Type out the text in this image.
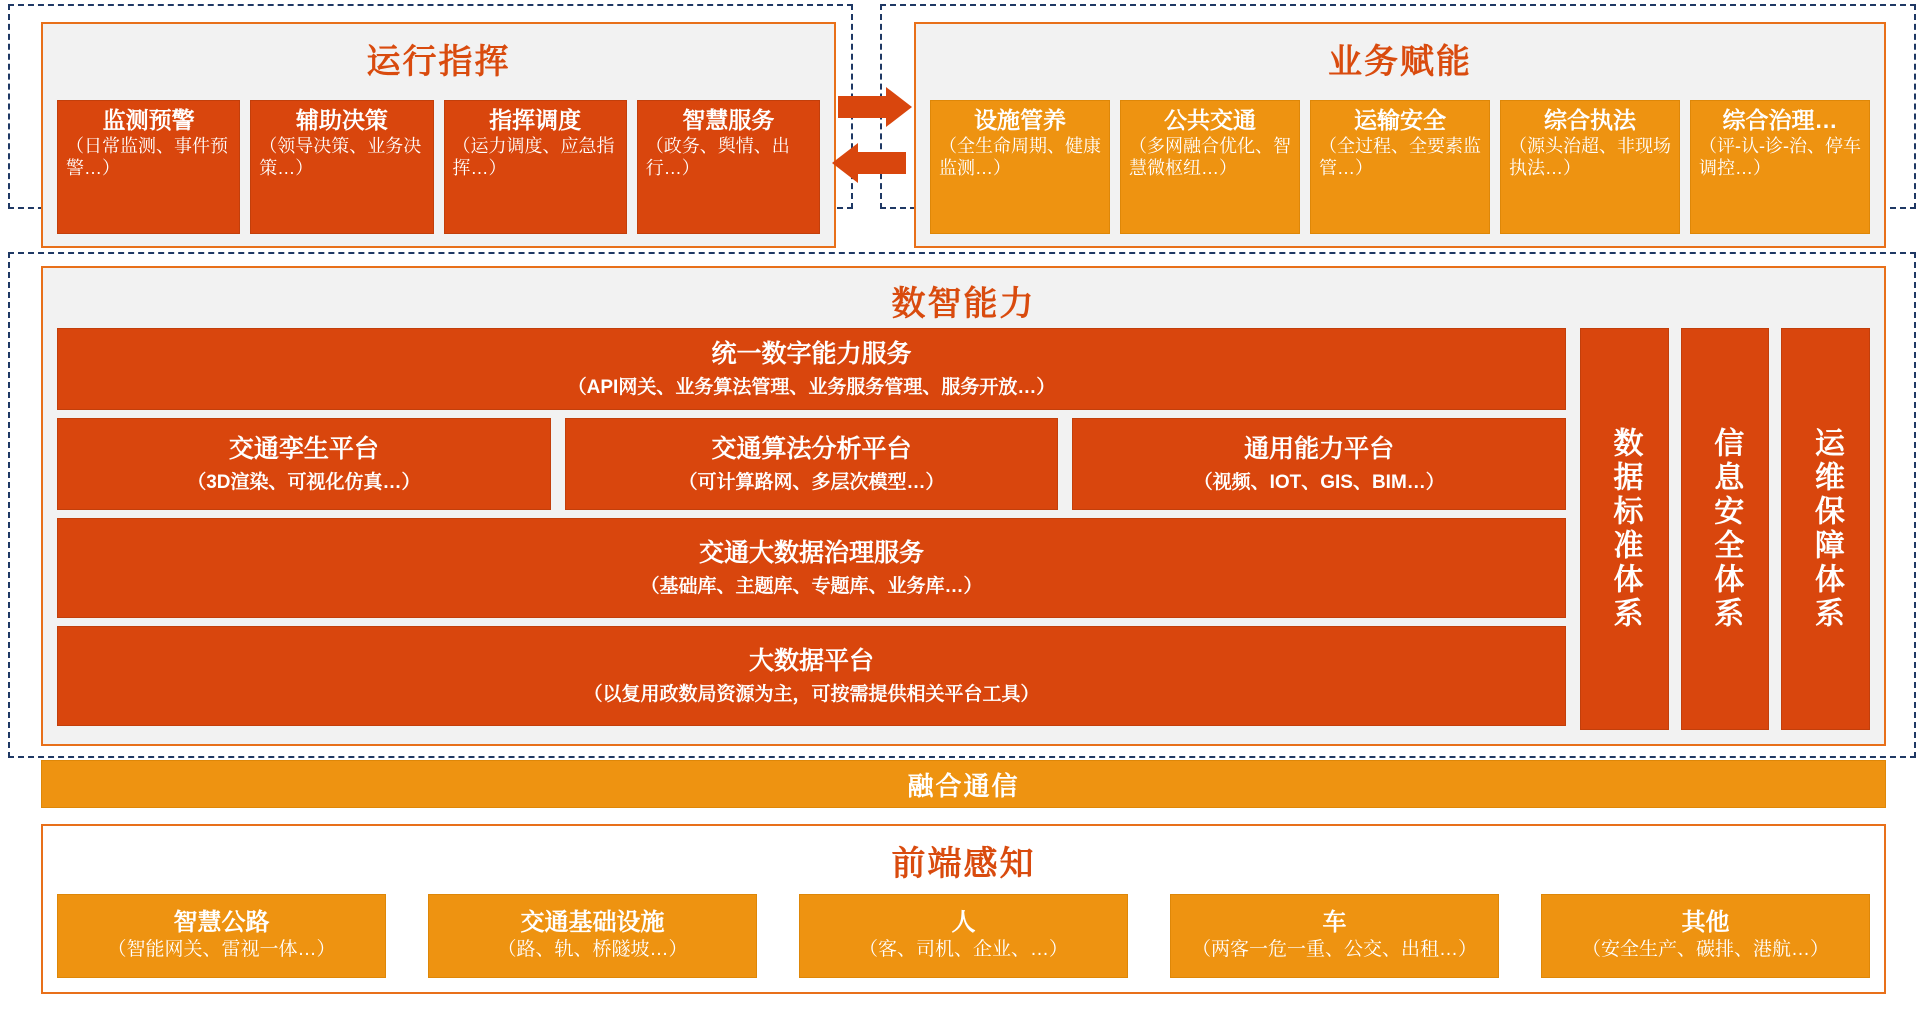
运行指挥
监测预警
（日常监测、事件预警…）
辅助决策
（领导决策、业务决策…）
指挥调度
（运力调度、应急指挥…）
智慧服务
（政务、舆情、出行…）
业务赋能
设施管养
（全生命周期、健康监测…）
公共交通
（多网融合优化、智慧微枢纽…）
运输安全
（全过程、全要素监管…）
综合执法
（源头治超、非现场执法…）
综合治理…
（评-认-诊-治、停车调控…）
数智能力
统一数字能力服务
（API网关、业务算法管理、业务服务管理、服务开放…）
交通孪生平台
（3D渲染、可视化仿真…）
交通算法分析平台
（可计算路网、多层次模型…）
通用能力平台
（视频、IOT、GIS、BIM…）
交通大数据治理服务
（基础库、主题库、专题库、业务库…）
大数据平台
（以复用政数局资源为主，可按需提供相关平台工具）
数据标准体系 信息安全体系 运维保障体系
融合通信
前端感知
智慧公路
（智能网关、雷视一体…）
交通基础设施
（路、轨、桥隧坡…）
人
（客、司机、企业、…）
车
（两客一危一重、公交、出租…）
其他
（安全生产、碳排、港航…）
